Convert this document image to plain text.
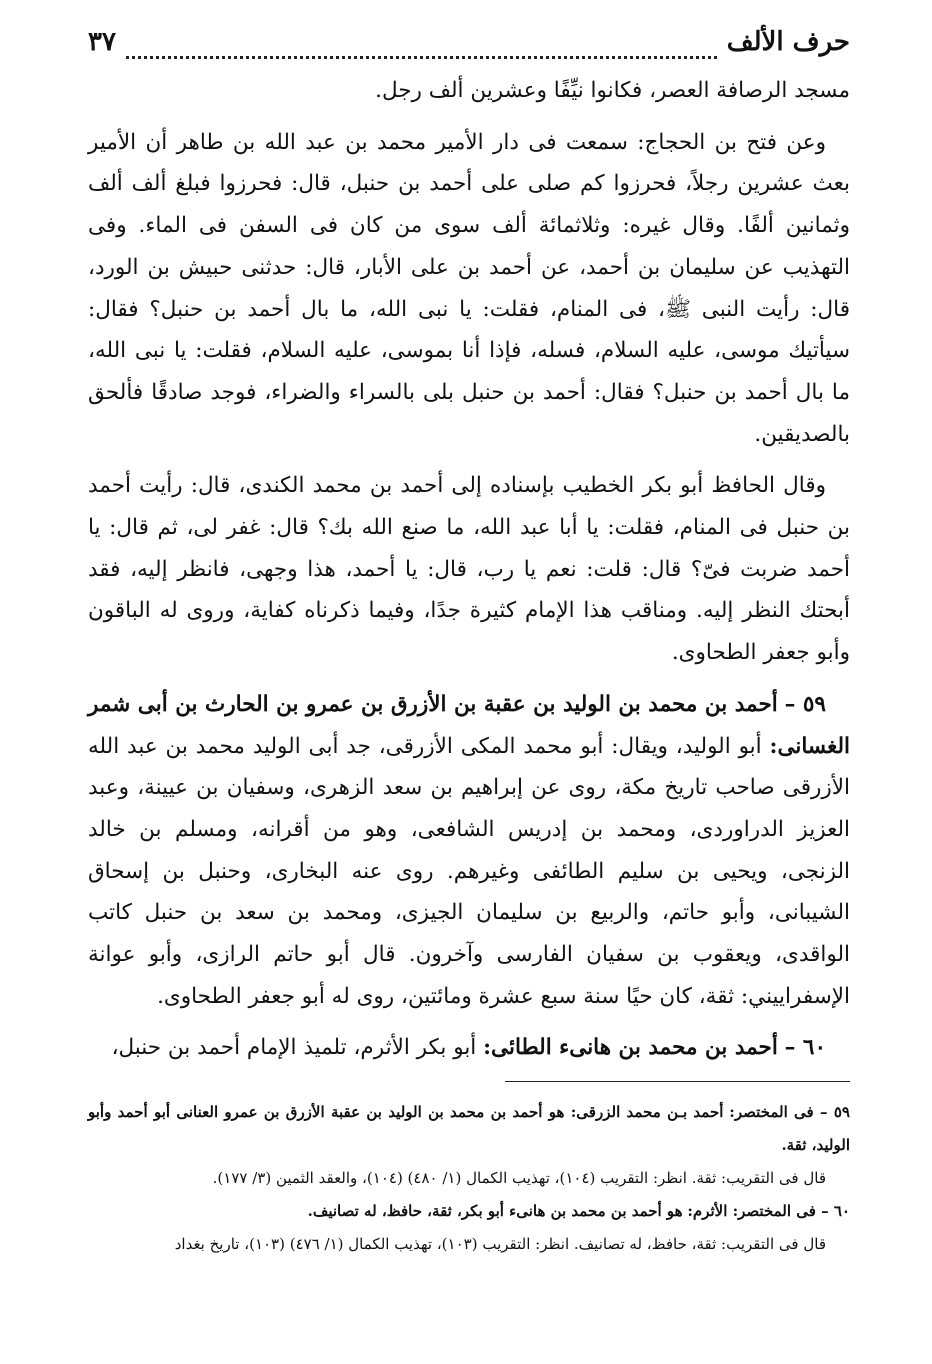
حرف الألف
٣٧

مسجد الرصافة العصر، فكانوا نيِّفًا وعشرين ألف رجل.

وعن فتح بن الحجاج: سمعت فى دار الأمير محمد بن عبد الله بن طاهر أن الأمير بعث عشرين رجلاً، فحرزوا كم صلى على أحمد بن حنبل، قال: فحرزوا فبلغ ألف ألف وثمانين ألفًا. وقال غيره: وثلاثمائة ألف سوى من كان فى السفن فى الماء. وفى التهذيب عن سليمان بن أحمد، عن أحمد بن على الأبار، قال: حدثنى حبيش بن الورد، قال: رأيت النبى ﷺ، فى المنام، فقلت: يا نبى الله، ما بال أحمد بن حنبل؟ فقال: سيأتيك موسى، عليه السلام، فسله، فإذا أنا بموسى، عليه السلام، فقلت: يا نبى الله، ما بال أحمد بن حنبل؟ فقال: أحمد بن حنبل بلى بالسراء والضراء، فوجد صادقًا فألحق بالصديقين.

وقال الحافظ أبو بكر الخطيب بإسناده إلى أحمد بن محمد الكندى، قال: رأيت أحمد بن حنبل فى المنام، فقلت: يا أبا عبد الله، ما صنع الله بك؟ قال: غفر لى، ثم قال: يا أحمد ضربت فىّ؟ قال: قلت: نعم يا رب، قال: يا أحمد، هذا وجهى، فانظر إليه، فقد أبحتك النظر إليه. ومناقب هذا الإمام كثيرة جدًا، وفيما ذكرناه كفاية، وروى له الباقون وأبو جعفر الطحاوى.

٥٩ – أحمد بن محمد بن الوليد بن عقبة بن الأزرق بن عمرو بن الحارث بن أبى شمر الغسانى: أبو الوليد، ويقال: أبو محمد المكى الأزرقى، جد أبى الوليد محمد بن عبد الله الأزرقى صاحب تاريخ مكة، روى عن إبراهيم بن سعد الزهرى، وسفيان بن عيينة، وعبد العزيز الدراوردى، ومحمد بن إدريس الشافعى، وهو من أقرانه، ومسلم بن خالد الزنجى، ويحيى بن سليم الطائفى وغيرهم. روى عنه البخارى، وحنبل بن إسحاق الشيبانى، وأبو حاتم، والربيع بن سليمان الجيزى، ومحمد بن سعد بن حنبل كاتب الواقدى، ويعقوب بن سفيان الفارسى وآخرون. قال أبو حاتم الرازى، وأبو عوانة الإسفراييني: ثقة، كان حيًا سنة سبع عشرة ومائتين، روى له أبو جعفر الطحاوى.

٦٠ – أحمد بن محمد بن هانىء الطائى: أبو بكر الأثرم، تلميذ الإمام أحمد بن حنبل،

٥٩ – فى المختصر: أحمد بـن محمد الزرقى: هو أحمد بن محمد بن الوليد بن عقبة الأزرق بن عمرو العنانى أبو أحمد وأبو الوليد، ثقة.

قال فى التقريب: ثقة. انظر: التقريب (١٠٤)، تهذيب الكمال (١/ ٤٨٠) (١٠٤)، والعقد الثمين (٣/ ١٧٧).

٦٠ – فى المختصر: الأثرم: هو أحمد بن محمد بن هانىء أبو بكر، ثقة، حافظ، له تصانيف.

قال فى التقريب: ثقة، حافظ، له تصانيف. انظر: التقريب (١٠٣)، تهذيب الكمال (١/ ٤٧٦) (١٠٣)، تاريخ بغداد
